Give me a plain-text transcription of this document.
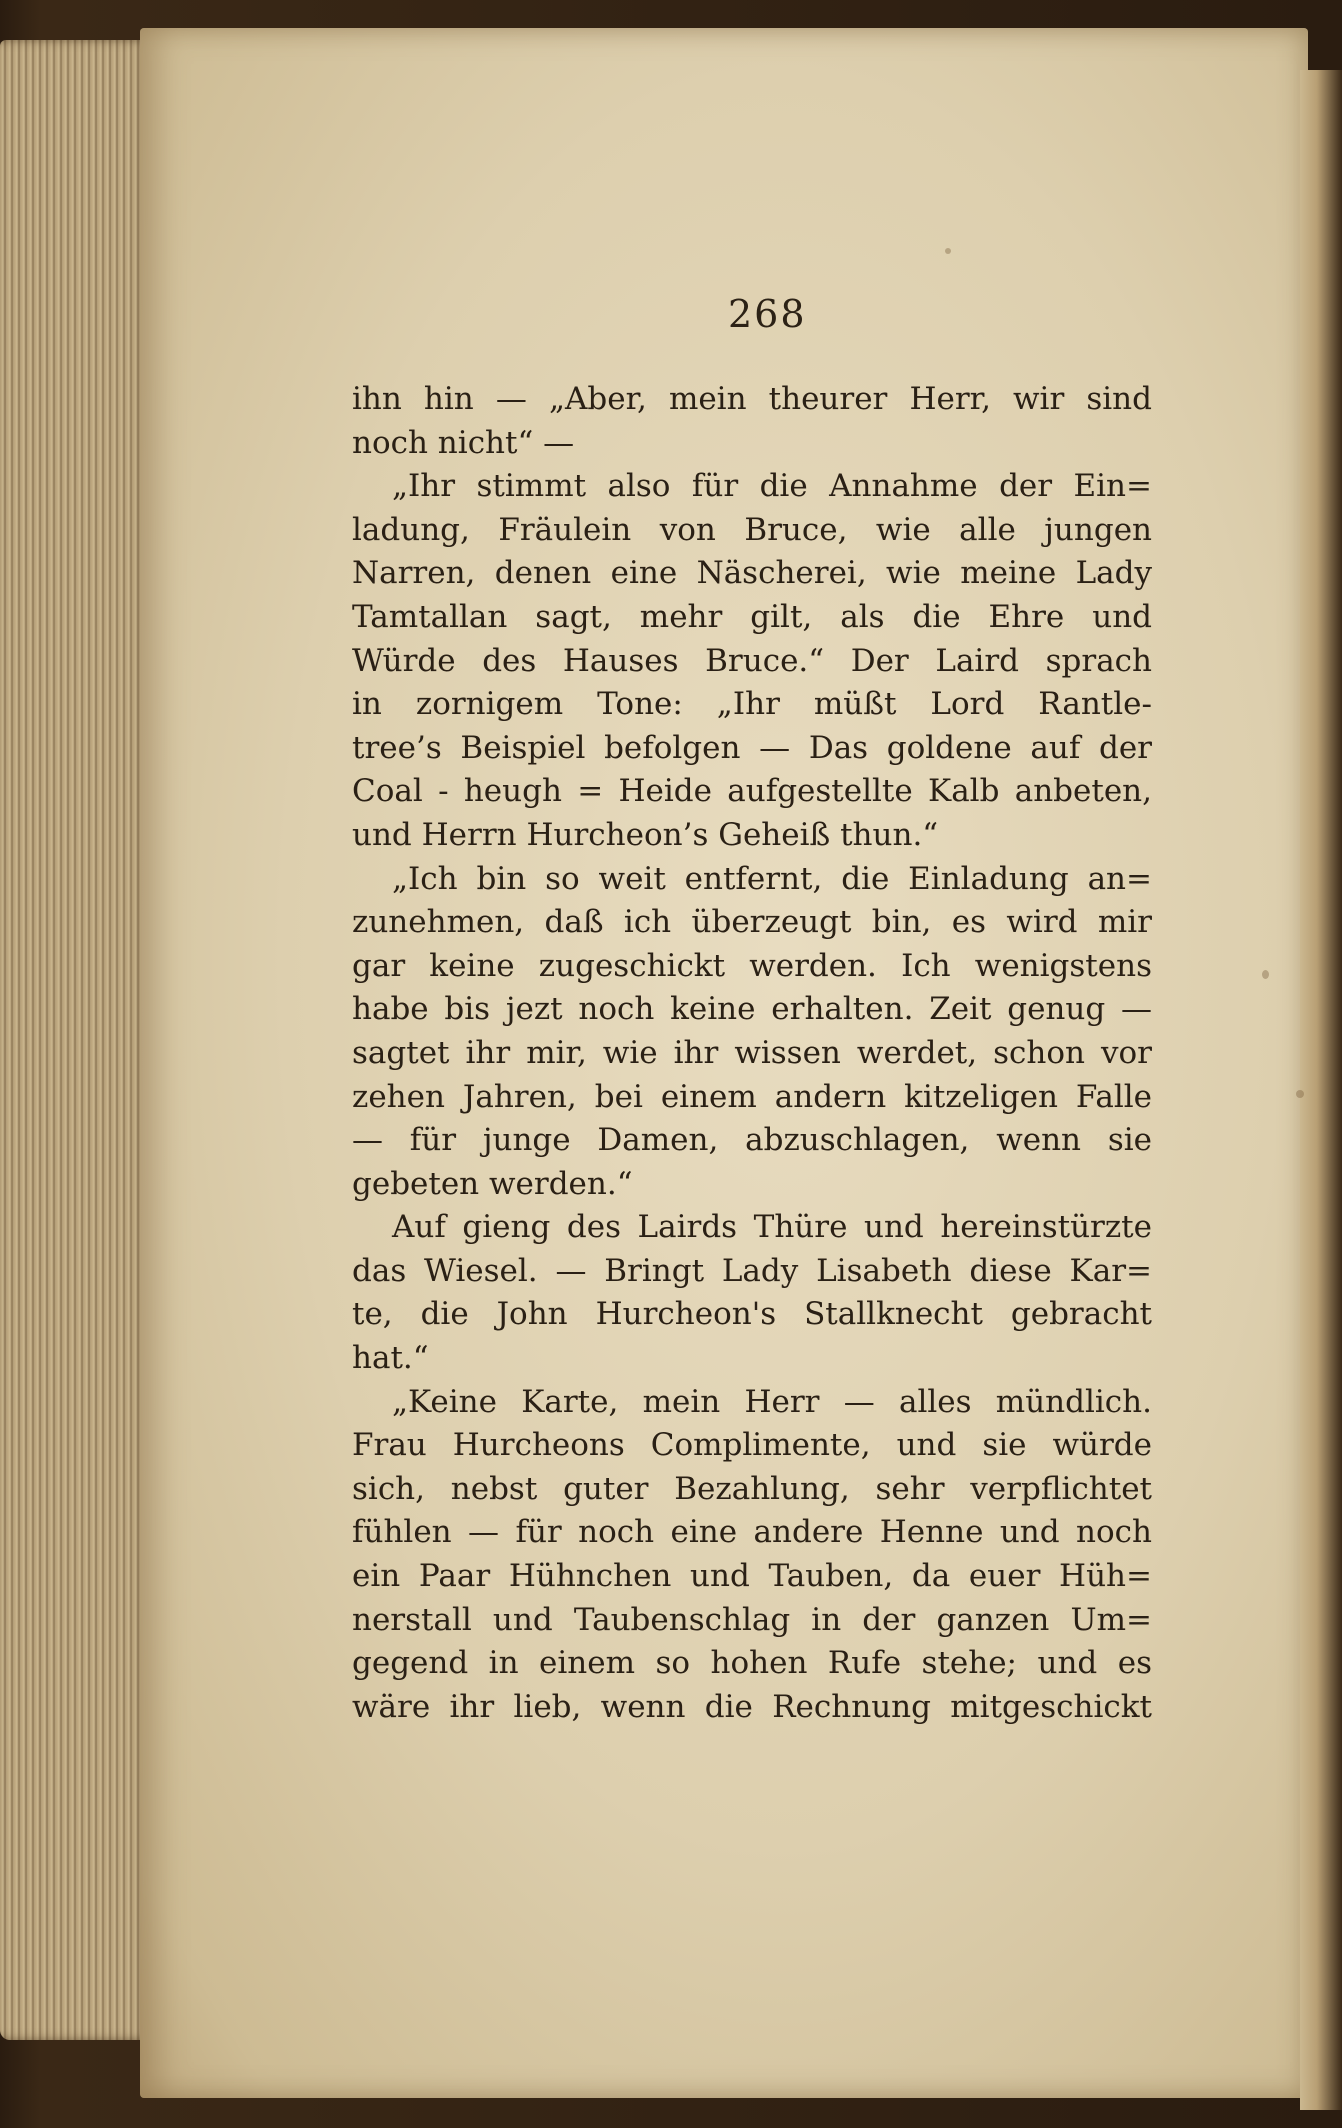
268
ihn hin — „Aber, mein theurer Herr, wir sind
noch nicht“ —
„Ihr stimmt also für die Annahme der Ein=
ladung, Fräulein von Bruce, wie alle jungen
Narren, denen eine Näscherei, wie meine Lady
Tamtallan sagt, mehr gilt, als die Ehre und
Würde des Hauses Bruce.“ Der Laird sprach
in zornigem Tone: „Ihr müßt Lord Rantle-
tree’s Beispiel befolgen — Das goldene auf der
Coal - heugh = Heide aufgestellte Kalb anbeten,
und Herrn Hurcheon’s Geheiß thun.“
„Ich bin so weit entfernt, die Einladung an=
zunehmen, daß ich überzeugt bin, es wird mir
gar keine zugeschickt werden. Ich wenigstens
habe bis jezt noch keine erhalten. Zeit genug —
sagtet ihr mir, wie ihr wissen werdet, schon vor
zehen Jahren, bei einem andern kitzeligen Falle
— für junge Damen, abzuschlagen, wenn sie
gebeten werden.“
Auf gieng des Lairds Thüre und hereinstürzte
das Wiesel. — Bringt Lady Lisabeth diese Kar=
te, die John Hurcheon's Stallknecht gebracht
hat.“
„Keine Karte, mein Herr — alles mündlich.
Frau Hurcheons Complimente, und sie würde
sich, nebst guter Bezahlung, sehr verpflichtet
fühlen — für noch eine andere Henne und noch
ein Paar Hühnchen und Tauben, da euer Hüh=
nerstall und Taubenschlag in der ganzen Um=
gegend in einem so hohen Rufe stehe; und es
wäre ihr lieb, wenn die Rechnung mitgeschickt
